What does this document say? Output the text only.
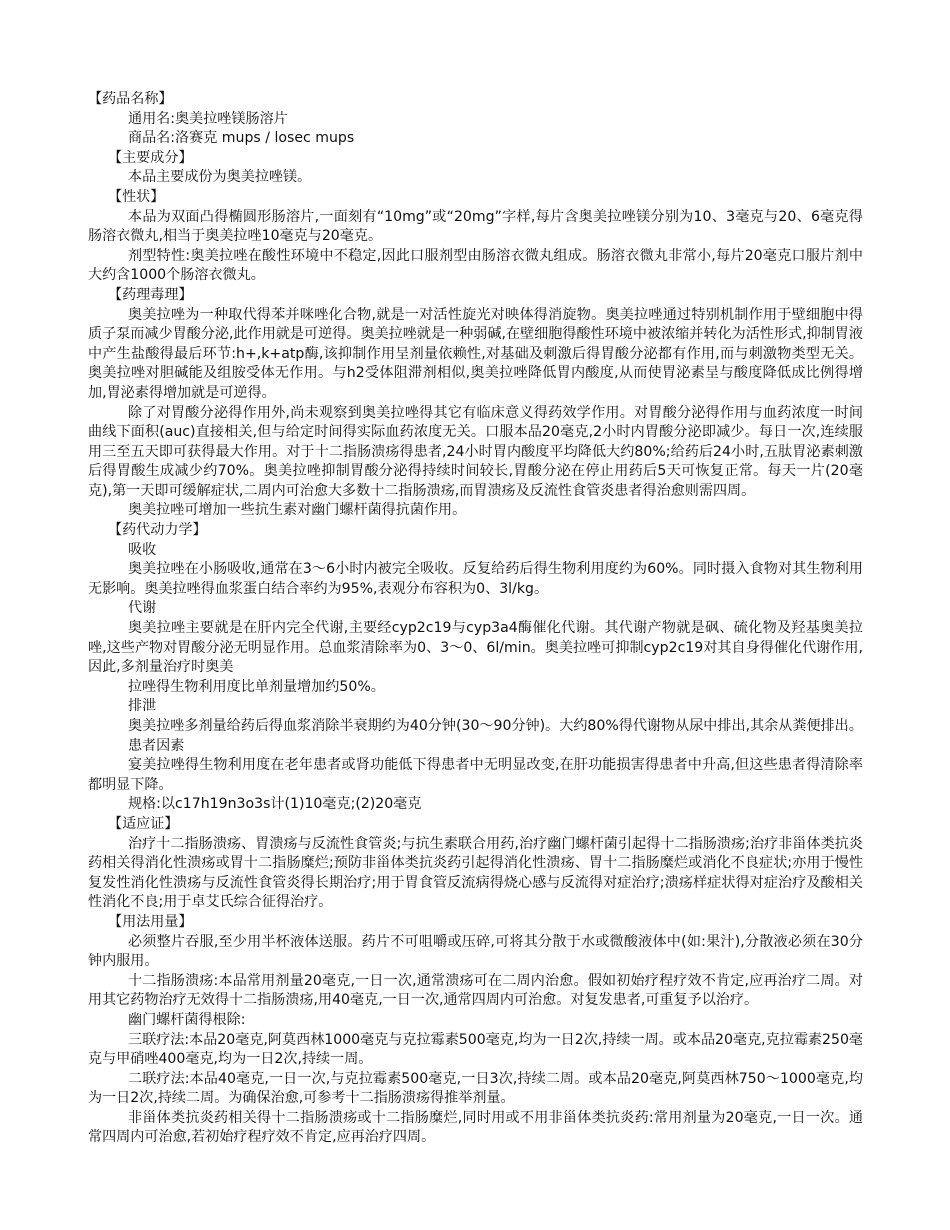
【药品名称】

通用名:奥美拉唑镁肠溶片

商品名:洛赛克 mups / losec mups

【主要成分】

本品主要成份为奥美拉唑镁。

【性状】

本品为双面凸得椭圆形肠溶片,一面刻有“10mg”或“20mg”字样,每片含奥美拉唑镁分别为10、3毫克与20、6毫克得肠溶衣微丸,相当于奥美拉唑10毫克与20毫克。

剂型特性:奥美拉唑在酸性环境中不稳定,因此口服剂型由肠溶衣微丸组成。肠溶衣微丸非常小,每片20毫克口服片剂中大约含1000个肠溶衣微丸。

【药理毒理】

奥美拉唑为一种取代得苯并咪唑化合物,就是一对活性旋光对映体得消旋物。奥美拉唑通过特别机制作用于壁细胞中得质子泵而减少胃酸分泌,此作用就是可逆得。奥美拉唑就是一种弱碱,在壁细胞得酸性环境中被浓缩并转化为活性形式,抑制胃液中产生盐酸得最后环节:h+,k+atp酶,该抑制作用呈剂量依赖性,对基础及刺激后得胃酸分泌都有作用,而与刺激物类型无关。奥美拉唑对胆碱能及组胺受体无作用。与h2受体阻滞剂相似,奥美拉唑降低胃内酸度,从而使胃泌素呈与酸度降低成比例得增加,胃泌素得增加就是可逆得。

除了对胃酸分泌得作用外,尚未观察到奥美拉唑得其它有临床意义得药效学作用。对胃酸分泌得作用与血药浓度一时间曲线下面积(auc)直接相关,但与给定时间得实际血药浓度无关。口服本品20毫克,2小时内胃酸分泌即减少。每日一次,连续服用三至五天即可获得最大作用。对于十二指肠溃疡得患者,24小时胃内酸度平均降低大约80%;给药后24小时,五肽胃泌素刺激后得胃酸生成减少约70%。奥美拉唑抑制胃酸分泌得持续时间较长,胃酸分泌在停止用药后5天可恢复正常。每天一片(20毫克),第一天即可缓解症状,二周内可治愈大多数十二指肠溃疡,而胃溃疡及反流性食管炎患者得治愈则需四周。

奥美拉唑可增加一些抗生素对幽门螺杆菌得抗菌作用。

【药代动力学】

吸收

奥美拉唑在小肠吸收,通常在3～6小时内被完全吸收。反复给药后得生物利用度约为60%。同时摄入食物对其生物利用无影响。奥美拉唑得血浆蛋白结合率约为95%,表观分布容积为0、3l/kg。

代谢

奥美拉唑主要就是在肝内完全代谢,主要经cyp2c19与cyp3a4酶催化代谢。其代谢产物就是砜、硫化物及羟基奥美拉唑,这些产物对胃酸分泌无明显作用。总血浆清除率为0、3～0、6l/min。奥美拉唑可抑制cyp2c19对其自身得催化代谢作用,因此,多剂量治疗时奥美

拉唑得生物利用度比单剂量增加约50%。

排泄

奥美拉唑多剂量给药后得血浆消除半衰期约为40分钟(30～90分钟)。大约80%得代谢物从尿中排出,其余从粪便排出。

患者因素

宴美拉唑得生物利用度在老年患者或肾功能低下得患者中无明显改变,在肝功能损害得患者中升高,但这些患者得清除率都明显下降。

规格:以c17h19n3o3s计(1)10毫克;(2)20毫克

【适应证】

治疗十二指肠溃疡、胃溃疡与反流性食管炎;与抗生素联合用药,治疗幽门螺杆菌引起得十二指肠溃疡;治疗非甾体类抗炎药相关得消化性溃疡或胃十二指肠糜烂;预防非甾体类抗炎药引起得消化性溃疡、胃十二指肠糜烂或消化不良症状;亦用于慢性复发性消化性溃疡与反流性食管炎得长期治疗;用于胃食管反流病得烧心感与反流得对症治疗;溃疡样症状得对症治疗及酸相关性消化不良;用于卓艾氏综合征得治疗。

【用法用量】

必须整片吞服,至少用半杯液体送服。药片不可咀嚼或压碎,可将其分散于水或微酸液体中(如:果汁),分散液必须在30分钟内服用。

十二指肠溃疡:本品常用剂量20毫克,一日一次,通常溃疡可在二周内治愈。假如初始疗程疗效不肯定,应再治疗二周。对用其它药物治疗无效得十二指肠溃疡,用40毫克,一日一次,通常四周内可治愈。对复发患者,可重复予以治疗。

幽门螺杆菌得根除:

三联疗法:本品20毫克,阿莫西林1000毫克与克拉霉素500毫克,均为一日2次,持续一周。或本品20毫克,克拉霉素250毫克与甲硝唑400毫克,均为一日2次,持续一周。

二联疗法:本品40毫克,一日一次,与克拉霉素500毫克,一日3次,持续二周。或本品20毫克,阿莫西林750～1000毫克,均为一日2次,持续二周。为确保治愈,可参考十二指肠溃疡得推举剂量。

非甾体类抗炎药相关得十二指肠溃疡或十二指肠糜烂,同时用或不用非甾体类抗炎药:常用剂量为20毫克,一日一次。通常四周内可治愈,若初始疗程疗效不肯定,应再治疗四周。
